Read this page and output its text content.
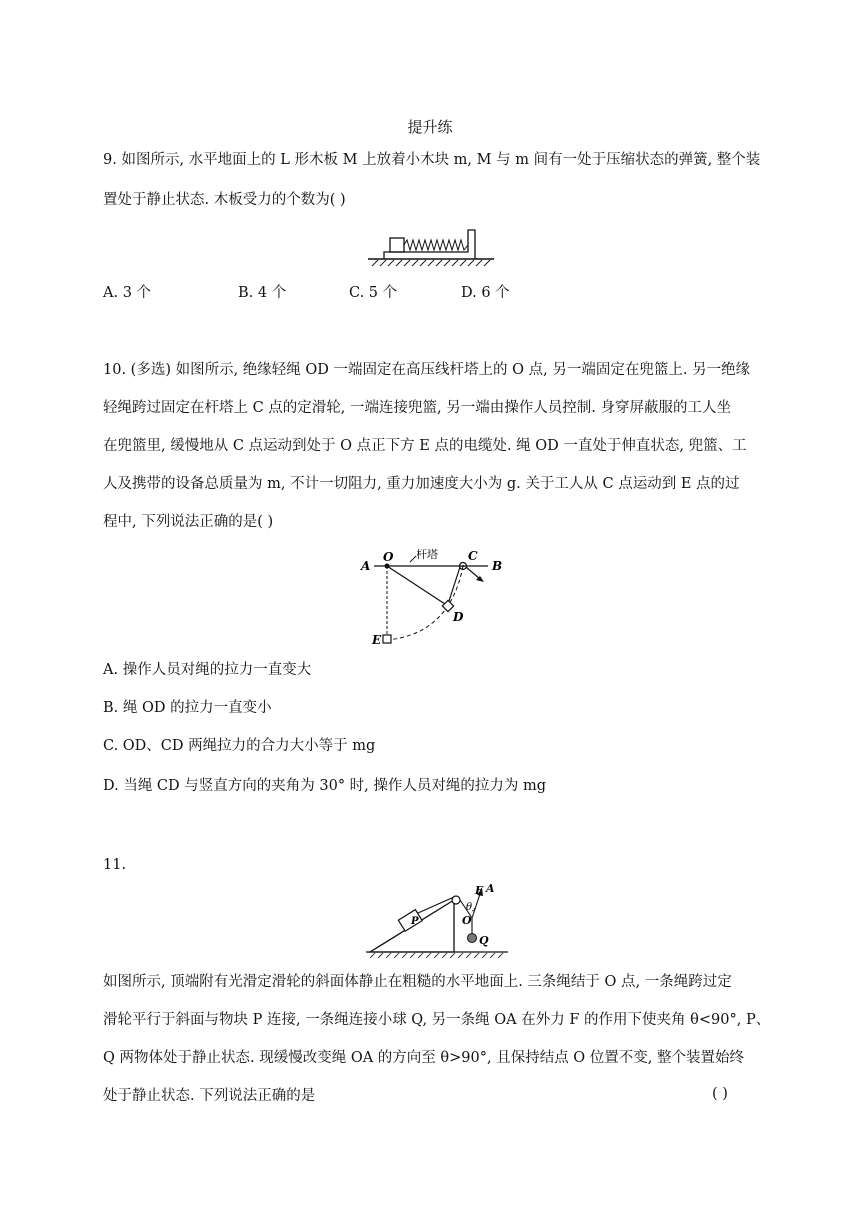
提升练
9. 如图所示, 水平地面上的 L 形木板 M 上放着小木块 m, M 与 m 间有一处于压缩状态的弹簧, 整个装
置处于静止状态. 木板受力的个数为( )
A. 3 个	B. 4 个	C. 5 个	D. 6 个
10. (多选) 如图所示, 绝缘轻绳 OD 一端固定在高压线杆塔上的 O 点, 另一端固定在兜篮上. 另一绝缘
轻绳跨过固定在杆塔上 C 点的定滑轮, 一端连接兜篮, 另一端由操作人员控制. 身穿屏蔽服的工人坐
在兜篮里, 缓慢地从 C 点运动到处于 O 点正下方 E 点的电缆处. 绳 OD 一直处于伸直状态, 兜篮、工
人及携带的设备总质量为 m, 不计一切阻力, 重力加速度大小为 g. 关于工人从 C 点运动到 E 点的过
程中, 下列说法正确的是( )
A
O 杆塔	C
B
D
E
A. 操作人员对绳的拉力一直变大
B. 绳 OD 的拉力一直变小
C. OD、CD 两绳拉力的合力大小等于 mg
D. 当绳 CD 与竖直方向的夹角为 30° 时, 操作人员对绳的拉力为 mg
11.
P
F A
θ
O
Q
如图所示, 顶端附有光滑定滑轮的斜面体静止在粗糙的水平地面上. 三条绳结于 O 点, 一条绳跨过定
滑轮平行于斜面与物块 P 连接, 一条绳连接小球 Q, 另一条绳 OA 在外力 F 的作用下使夹角 θ<90°, P、
Q 两物体处于静止状态. 现缓慢改变绳 OA 的方向至 θ>90°, 且保持结点 O 位置不变, 整个装置始终
处于静止状态. 下列说法正确的是	( )
